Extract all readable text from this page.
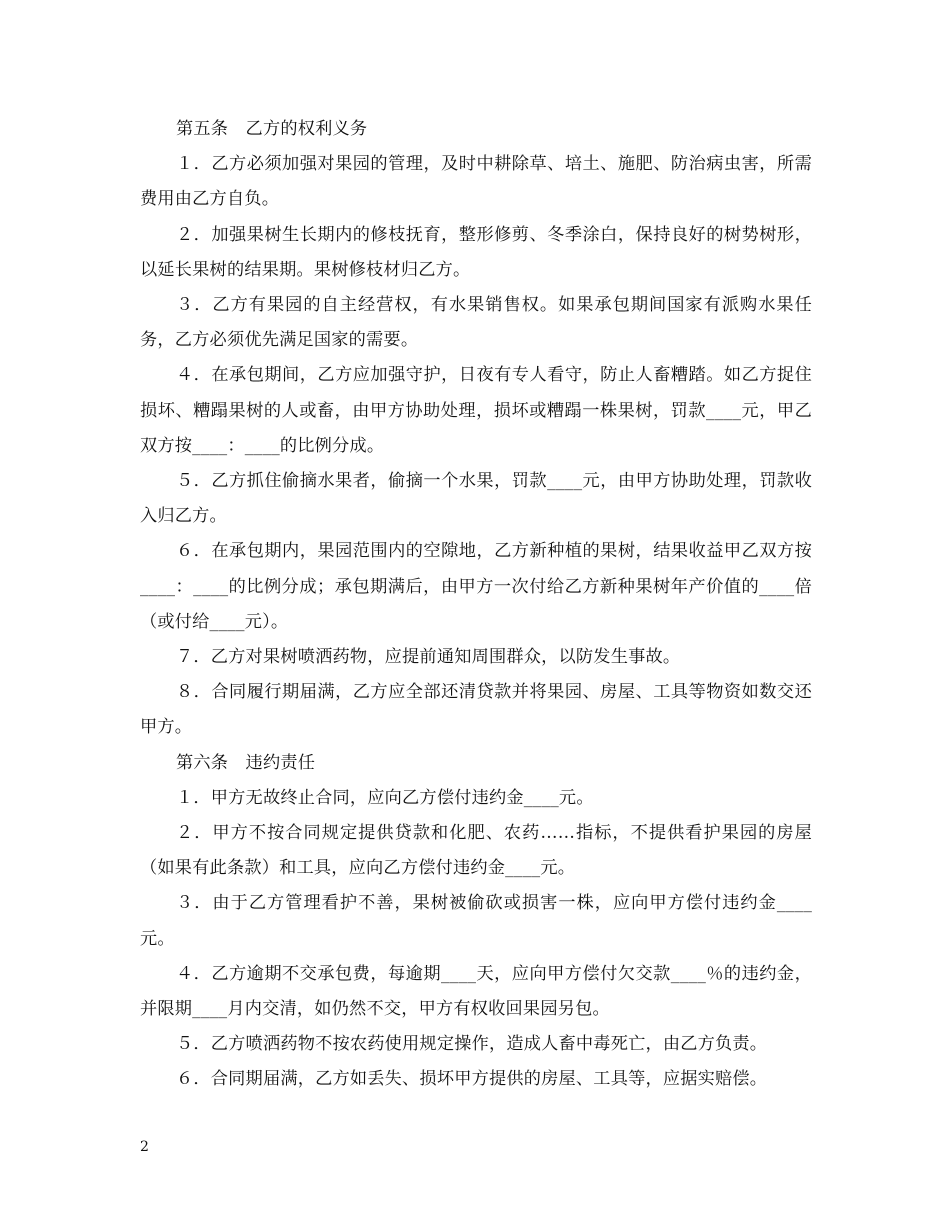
第五条　乙方的权利义务

１．乙方必须加强对果园的管理，及时中耕除草、培土、施肥、防治病虫害，所需费用由乙方自负。

２．加强果树生长期内的修枝抚育，整形修剪、冬季涂白，保持良好的树势树形，以延长果树的结果期。果树修枝材归乙方。

３．乙方有果园的自主经营权，有水果销售权。如果承包期间国家有派购水果任务，乙方必须优先满足国家的需要。

４．在承包期间，乙方应加强守护，日夜有专人看守，防止人畜糟踏。如乙方捉住损坏、糟蹋果树的人或畜，由甲方协助处理，损坏或糟蹋一株果树，罚款____元，甲乙双方按____：____的比例分成。

５．乙方抓住偷摘水果者，偷摘一个水果，罚款____元，由甲方协助处理，罚款收入归乙方。

６．在承包期内，果园范围内的空隙地，乙方新种植的果树，结果收益甲乙双方按____：____的比例分成；承包期满后，由甲方一次付给乙方新种果树年产价值的____倍（或付给____元）。

７．乙方对果树喷洒药物，应提前通知周围群众，以防发生事故。

８．合同履行期届满，乙方应全部还清贷款并将果园、房屋、工具等物资如数交还甲方。

第六条　违约责任

１．甲方无故终止合同，应向乙方偿付违约金____元。

２．甲方不按合同规定提供贷款和化肥、农药……指标，不提供看护果园的房屋（如果有此条款）和工具，应向乙方偿付违约金____元。

３．由于乙方管理看护不善，果树被偷砍或损害一株，应向甲方偿付违约金____元。

４．乙方逾期不交承包费，每逾期____天，应向甲方偿付欠交款____％的违约金，并限期____月内交清，如仍然不交，甲方有权收回果园另包。

５．乙方喷洒药物不按农药使用规定操作，造成人畜中毒死亡，由乙方负责。

６．合同期届满，乙方如丢失、损坏甲方提供的房屋、工具等，应据实赔偿。

2
